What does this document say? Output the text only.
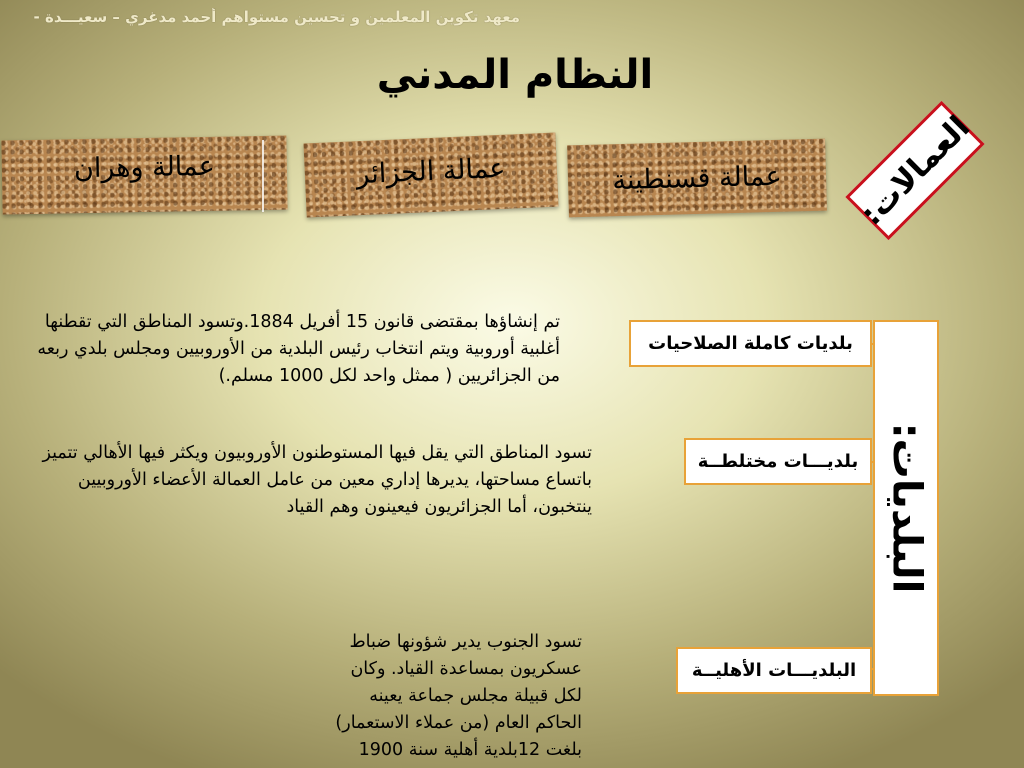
معهد تكوين المعلمين و تحسين مستواهم أحمد مدغري – سعيـــدة -
النظام المدني
عمالة قسنطينة
عمالة الجزائر
عمالة وهران	العمالات:
البلديات:
بلديات كاملة الصلاحيات
بلديـــات مختلطــة
البلديـــات الأهليــة
تم إنشاؤها بمقتضى قانون 15 أفريل 1884.وتسود المناطق التي تقطنها أغلبية أوروبية ويتم انتخاب رئيس البلدية من الأوروبيين ومجلس بلدي ربعه من الجزائريين ( ممثل واحد لكل 1000 مسلم.)
تسود المناطق التي يقل فيها المستوطنون الأوروبيون ويكثر فيها الأهالي تتميز باتساع مساحتها، يديرها إداري معين من عامل العمالة الأعضاء الأوروبيين ينتخبون، أما الجزائريون فيعينون وهم القياد
تسود الجنوب يدير شؤونها ضباط عسكريون بمساعدة القياد. وكان لكل قبيلة مجلس جماعة يعينه الحاكم العام (من عملاء الاستعمار) بلغت 12بلدية أهلية سنة 1900
